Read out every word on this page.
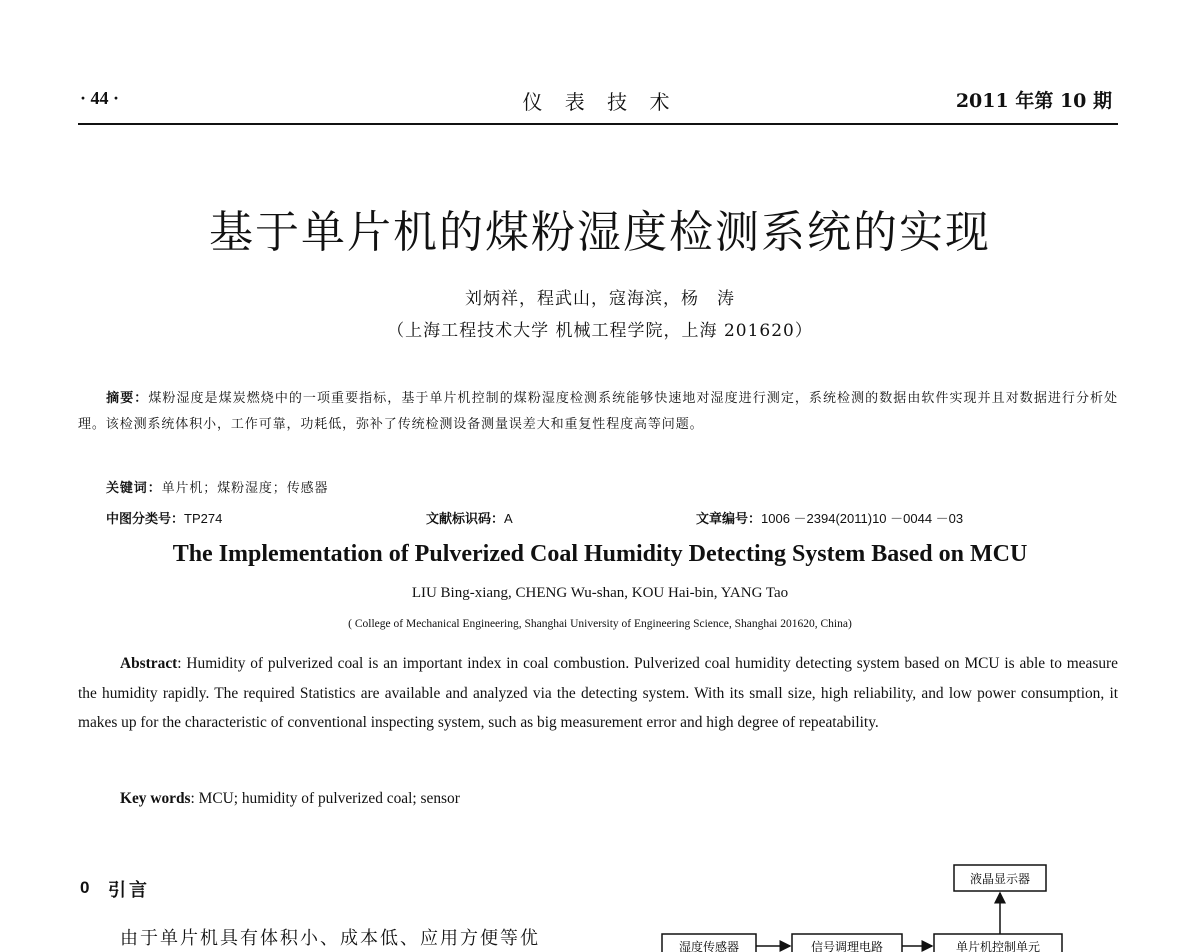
· 44 ·	仪 表 技 术	2011 年第 10 期
基于单片机的煤粉湿度检测系统的实现
刘炳祥，程武山，寇海滨，杨　涛
（上海工程技术大学 机械工程学院，上海 201620）
摘要：煤粉湿度是煤炭燃烧中的一项重要指标，基于单片机控制的煤粉湿度检测系统能够快速地对湿度进行测定，系统检测的数据由软件实现并且对数据进行分析处理。该检测系统体积小，工作可靠，功耗低，弥补了传统检测设备测量误差大和重复性程度高等问题。
关键词：单片机；煤粉湿度；传感器
中图分类号：TP274	文献标识码：A	文章编号：1006 －2394(2011)10 －0044 －03
The Implementation of Pulverized Coal Humidity Detecting System Based on MCU
LIU Bing-xiang, CHENG Wu-shan, KOU Hai-bin, YANG Tao
( College of Mechanical Engineering, Shanghai University of Engineering Science, Shanghai 201620, China)
Abstract: Humidity of pulverized coal is an important index in coal combustion. Pulverized coal humidity detecting system based on MCU is able to measure the humidity rapidly. The required Statistics are available and analyzed via the detecting system. With its small size, high reliability, and low power consumption, it makes up for the characteristic of conventional inspecting system, such as big measurement error and high degree of repeatability.
Key words: MCU; humidity of pulverized coal; sensor
0 引言
由于单片机具有体积小、成本低、应用方便等优
液晶显示器
湿度传感器	信号调理电路	单片机控制单元
